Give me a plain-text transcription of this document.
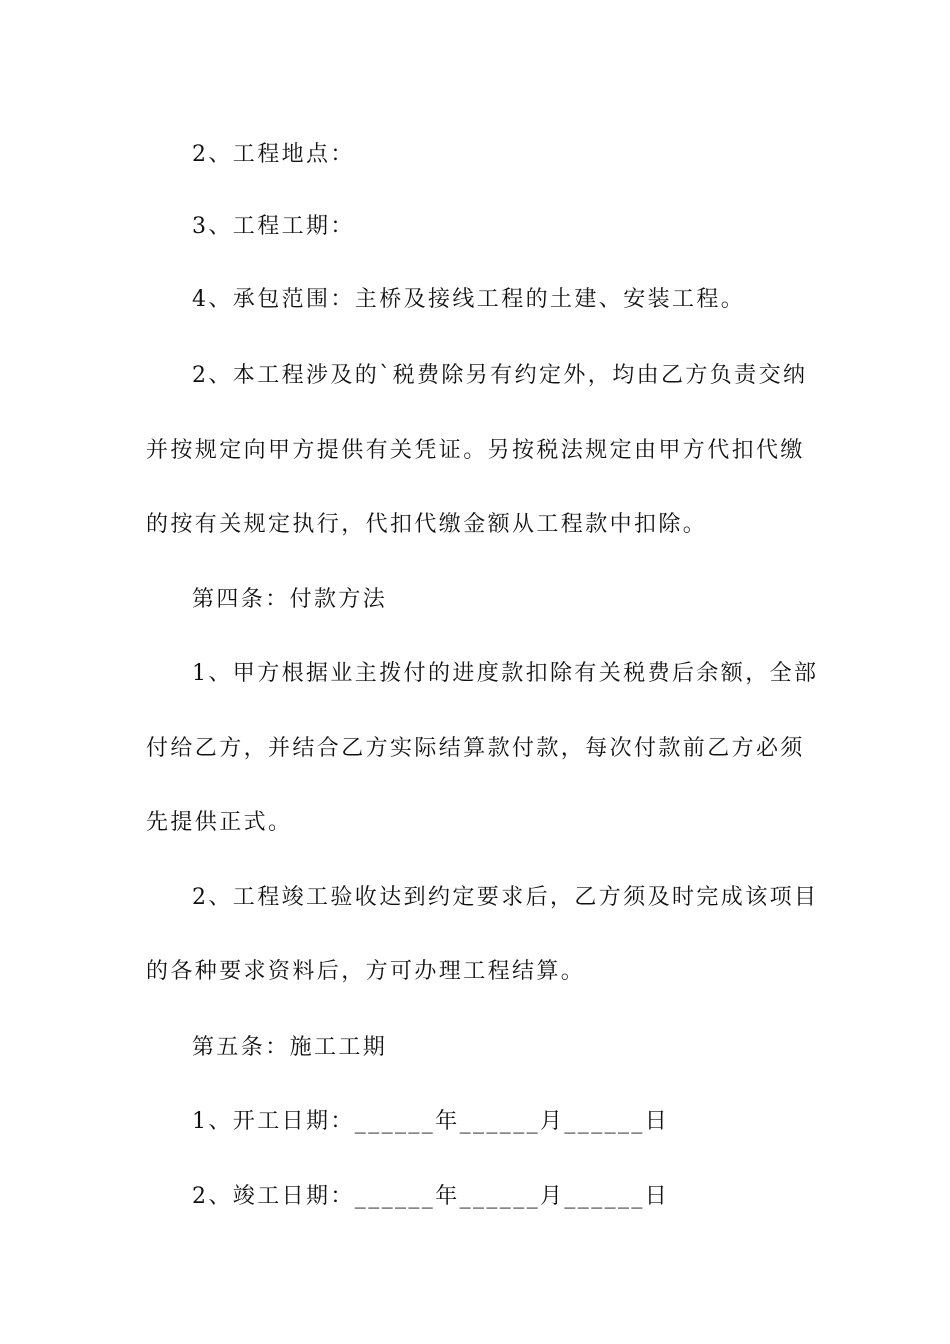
2、工程地点：
3、工程工期：
4、承包范围：主桥及接线工程的土建、安装工程。
2、本工程涉及的`税费除另有约定外，均由乙方负责交纳
并按规定向甲方提供有关凭证。另按税法规定由甲方代扣代缴
的按有关规定执行，代扣代缴金额从工程款中扣除。
第四条：付款方法
1、甲方根据业主拨付的进度款扣除有关税费后余额，全部
付给乙方，并结合乙方实际结算款付款，每次付款前乙方必须
先提供正式。
2、工程竣工验收达到约定要求后，乙方须及时完成该项目
的各种要求资料后，方可办理工程结算。
第五条：施工工期
1、开工日期：______年______月______日
2、竣工日期：______年______月______日
